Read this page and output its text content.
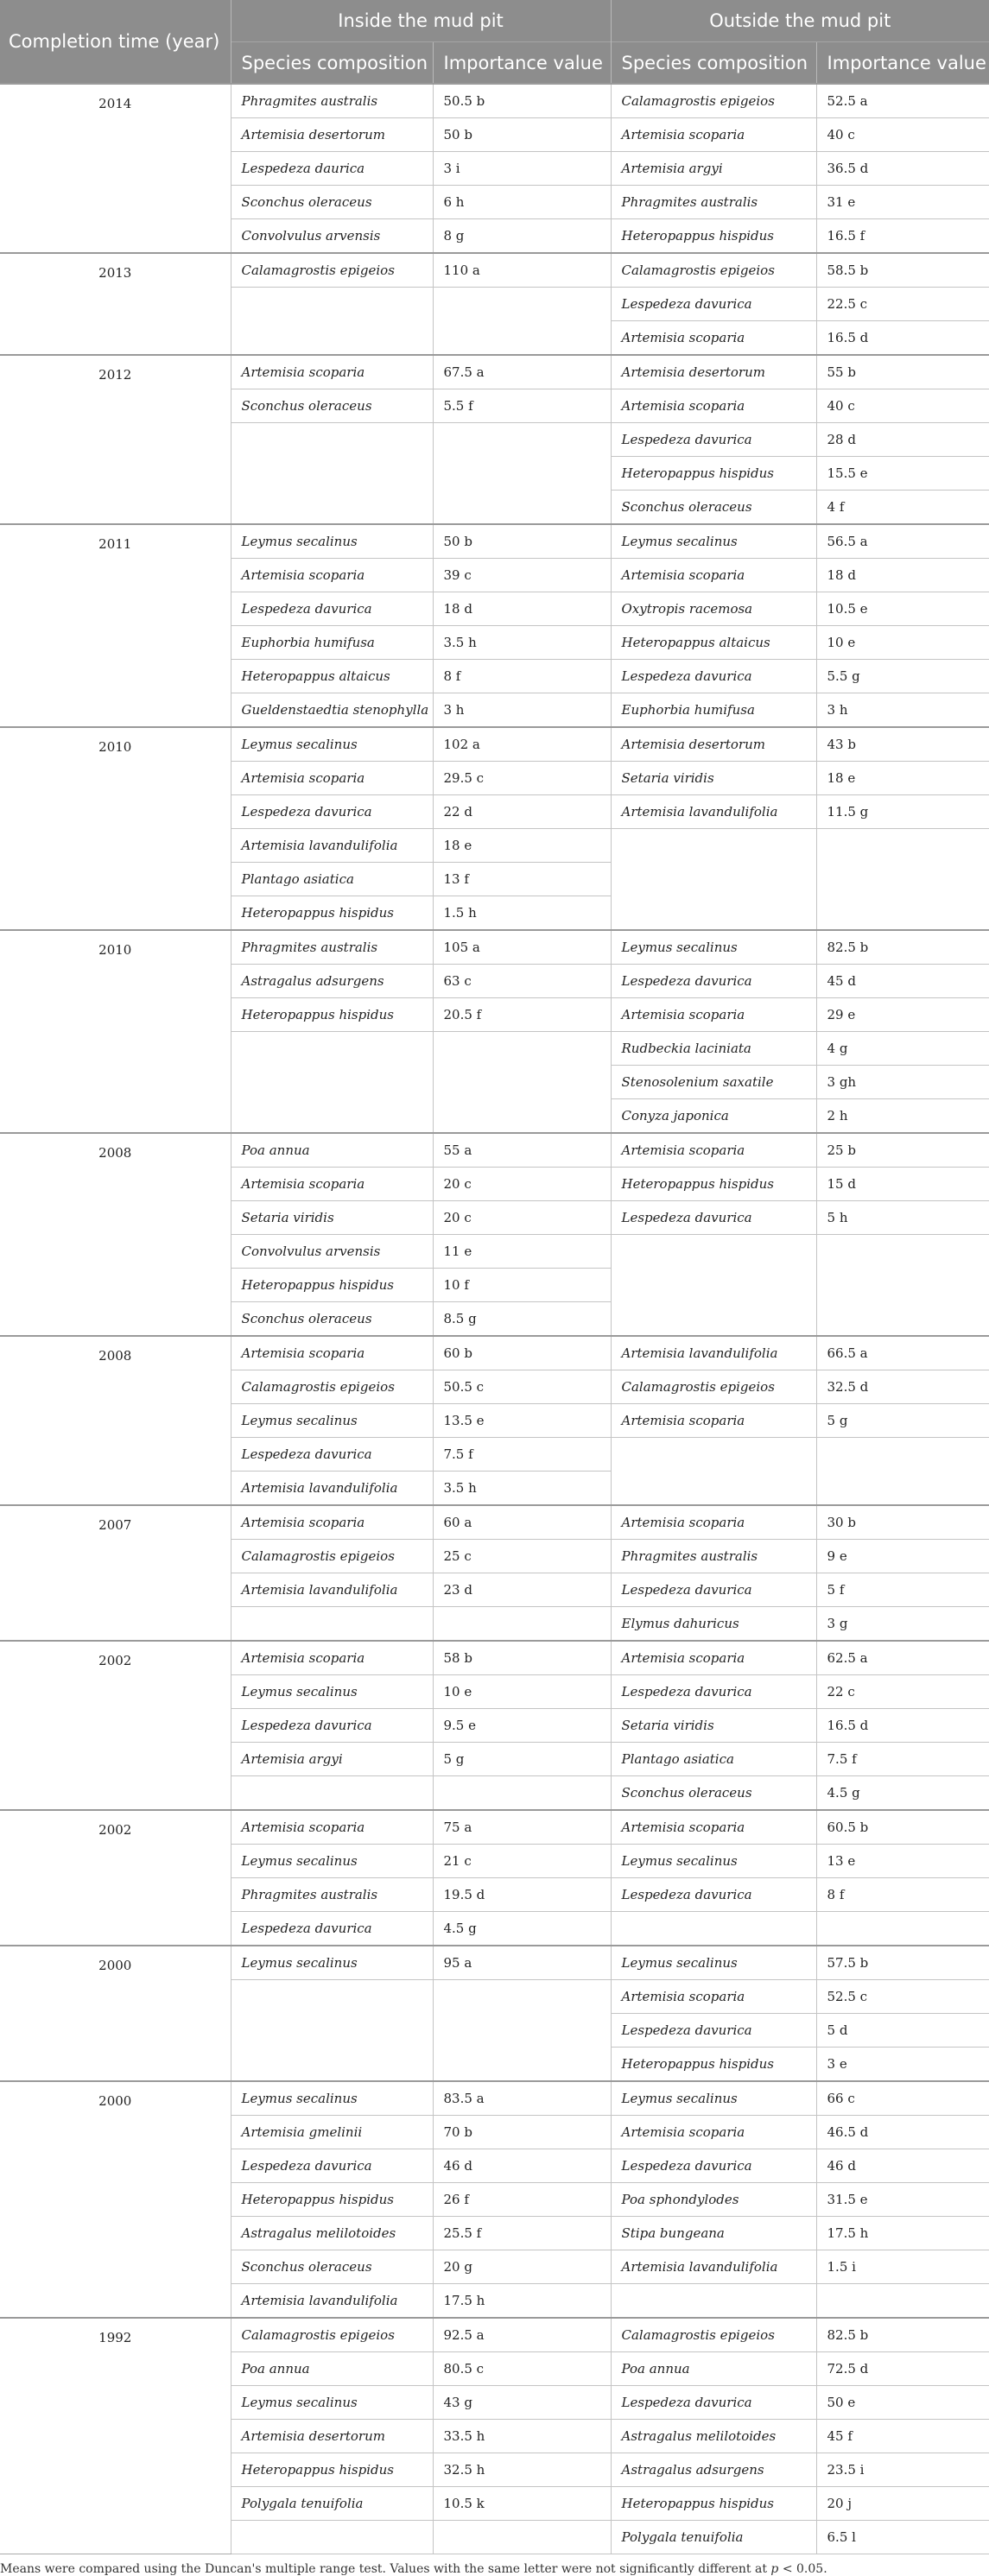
Completion time (year)	Inside the mud pit		Outside the mud pit	
	Species composition	Importance value	Species composition	Importance value
2014	Phragmites australis	50.5 b	Calamagrostis epigeios	52.5 a
	Artemisia desertorum	50 b	Artemisia scoparia	40 c
	Lespedeza daurica	3 i	Artemisia argyi	36.5 d
	Sconchus oleraceus	6 h	Phragmites australis	31 e
	Convolvulus arvensis	8 g	Heteropappus hispidus	16.5 f
2013	Calamagrostis epigeios	110 a	Calamagrostis epigeios	58.5 b
			Lespedeza davurica	22.5 c
			Artemisia scoparia	16.5 d
2012	Artemisia scoparia	67.5 a	Artemisia desertorum	55 b
	Sconchus oleraceus	5.5 f	Artemisia scoparia	40 c
			Lespedeza davurica	28 d
			Heteropappus hispidus	15.5 e
			Sconchus oleraceus	4 f
2011	Leymus secalinus	50 b	Leymus secalinus	56.5 a
	Artemisia scoparia	39 c	Artemisia scoparia	18 d
	Lespedeza davurica	18 d	Oxytropis racemosa	10.5 e
	Euphorbia humifusa	3.5 h	Heteropappus altaicus	10 e
	Heteropappus altaicus	8 f	Lespedeza davurica	5.5 g
	Gueldenstaedtia stenophylla	3 h	Euphorbia humifusa	3 h
2010	Leymus secalinus	102 a	Artemisia desertorum	43 b
	Artemisia scoparia	29.5 c	Setaria viridis	18 e
	Lespedeza davurica	22 d	Artemisia lavandulifolia	11.5 g
	Artemisia lavandulifolia	18 e		
	Plantago asiatica	13 f		
	Heteropappus hispidus	1.5 h		
2010	Phragmites australis	105 a	Leymus secalinus	82.5 b
	Astragalus adsurgens	63 c	Lespedeza davurica	45 d
	Heteropappus hispidus	20.5 f	Artemisia scoparia	29 e
			Rudbeckia laciniata	4 g
			Stenosolenium saxatile	3 gh
			Conyza japonica	2 h
2008	Poa annua	55 a	Artemisia scoparia	25 b
	Artemisia scoparia	20 c	Heteropappus hispidus	15 d
	Setaria viridis	20 c	Lespedeza davurica	5 h
	Convolvulus arvensis	11 e		
	Heteropappus hispidus	10 f		
	Sconchus oleraceus	8.5 g		
2008	Artemisia scoparia	60 b	Artemisia lavandulifolia	66.5 a
	Calamagrostis epigeios	50.5 c	Calamagrostis epigeios	32.5 d
	Leymus secalinus	13.5 e	Artemisia scoparia	5 g
	Lespedeza davurica	7.5 f		
	Artemisia lavandulifolia	3.5 h		
2007	Artemisia scoparia	60 a	Artemisia scoparia	30 b
	Calamagrostis epigeios	25 c	Phragmites australis	9 e
	Artemisia lavandulifolia	23 d	Lespedeza davurica	5 f
			Elymus dahuricus	3 g
2002	Artemisia scoparia	58 b	Artemisia scoparia	62.5 a
	Leymus secalinus	10 e	Lespedeza davurica	22 c
	Lespedeza davurica	9.5 e	Setaria viridis	16.5 d
	Artemisia argyi	5 g	Plantago asiatica	7.5 f
			Sconchus oleraceus	4.5 g
2002	Artemisia scoparia	75 a	Artemisia scoparia	60.5 b
	Leymus secalinus	21 c	Leymus secalinus	13 e
	Phragmites australis	19.5 d	Lespedeza davurica	8 f
	Lespedeza davurica	4.5 g		
2000	Leymus secalinus	95 a	Leymus secalinus	57.5 b
			Artemisia scoparia	52.5 c
			Lespedeza davurica	5 d
			Heteropappus hispidus	3 e
2000	Leymus secalinus	83.5 a	Leymus secalinus	66 c
	Artemisia gmelinii	70 b	Artemisia scoparia	46.5 d
	Lespedeza davurica	46 d	Lespedeza davurica	46 d
	Heteropappus hispidus	26 f	Poa sphondylodes	31.5 e
	Astragalus melilotoides	25.5 f	Stipa bungeana	17.5 h
	Sconchus oleraceus	20 g	Artemisia lavandulifolia	1.5 i
	Artemisia lavandulifolia	17.5 h		
1992	Calamagrostis epigeios	92.5 a	Calamagrostis epigeios	82.5 b
	Poa annua	80.5 c	Poa annua	72.5 d
	Leymus secalinus	43 g	Lespedeza davurica	50 e
	Artemisia desertorum	33.5 h	Astragalus melilotoides	45 f
	Heteropappus hispidus	32.5 h	Astragalus adsurgens	23.5 i
	Polygala tenuifolia	10.5 k	Heteropappus hispidus	20 j
			Polygala tenuifolia	6.5 l
Means were compared using the Duncan's multiple range test. Values with the same letter were not significantly different at p < 0.05.
